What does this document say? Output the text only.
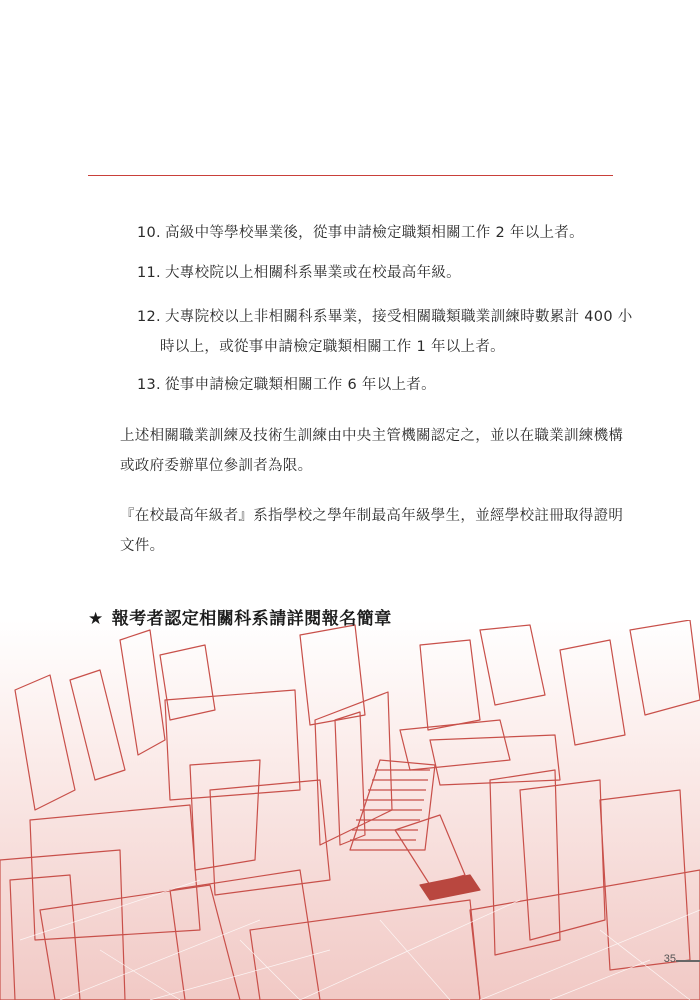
10. 高級中等學校畢業後，從事申請檢定職類相關工作 2 年以上者。
11. 大專校院以上相關科系畢業或在校最高年級。
12. 大專院校以上非相關科系畢業，接受相關職類職業訓練時數累計 400 小
時以上，或從事申請檢定職類相關工作 1 年以上者。
13. 從事申請檢定職類相關工作 6 年以上者。
上述相關職業訓練及技術生訓練由中央主管機關認定之，並以在職業訓練機構
或政府委辦單位參訓者為限。
『在校最高年級者』系指學校之學年制最高年級學生，並經學校註冊取得證明
文件。
★ 報考者認定相關科系請詳閱報名簡章
35
